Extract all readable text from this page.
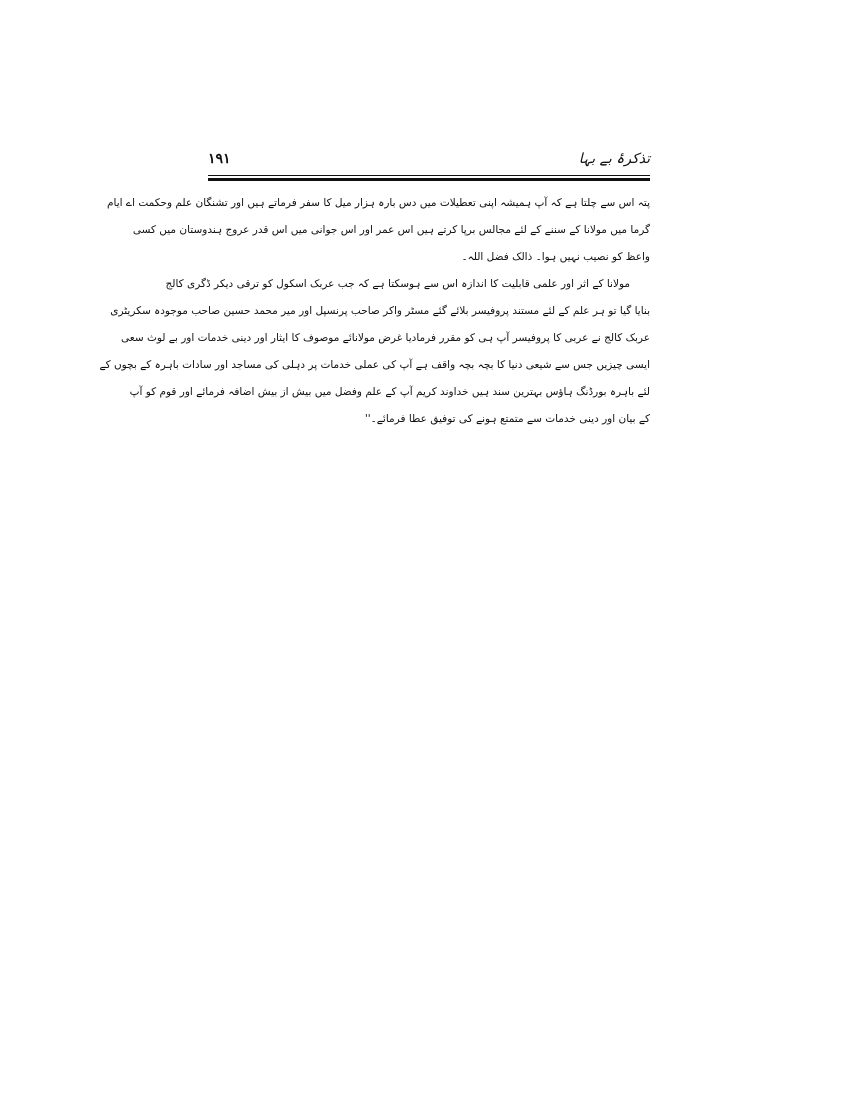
تذکرۂ بے بہا
۱۹۱

پتہ اس سے چلتا ہے کہ آپ ہمیشہ اپنی تعطیلات میں دس بارہ ہزار میل کا سفر فرماتے ہیں اور تشنگان علم وحکمت اے ایام
گرما میں مولانا کے سننے کے لئے مجالس برپا کرتے ہیں اس عمر اور اس جوانی میں اس قدر عروج ہندوستان میں کسی
واعظ کو نصیب نہیں ہوا۔ ذالک فضل اللہ۔

مولانا کے اثر اور علمی قابلیت کا اندازہ اس سے ہوسکتا ہے کہ جب عربک اسکول کو ترقی دیکر ڈگری کالج
بنایا گیا تو ہر علم کے لئے مستند پروفیسر بلائے گئے مسٹر واکر صاحب پرنسپل اور میر محمد حسین صاحب موجودہ سکریٹری
عربک کالج نے عربی کا پروفیسر آپ ہی کو مقرر فرمادیا غرض مولانائے موصوف کا ایثار اور دینی خدمات اور بے لوث سعی
ایسی چیزیں جس سے شیعی دنیا کا بچہ بچہ واقف ہے آپ کی عملی خدمات پر دہلی کی مساجد اور سادات باہرہ کے بچوں کے
لئے باہرہ بورڈنگ ہاؤس بہترین سند ہیں خداوند کریم آپ کے علم وفضل میں بیش از بیش اضافہ فرمائے اور قوم کو آپ
کے بیان اور دینی خدمات سے متمتع ہونے کی توفیق عطا فرمائے۔''
